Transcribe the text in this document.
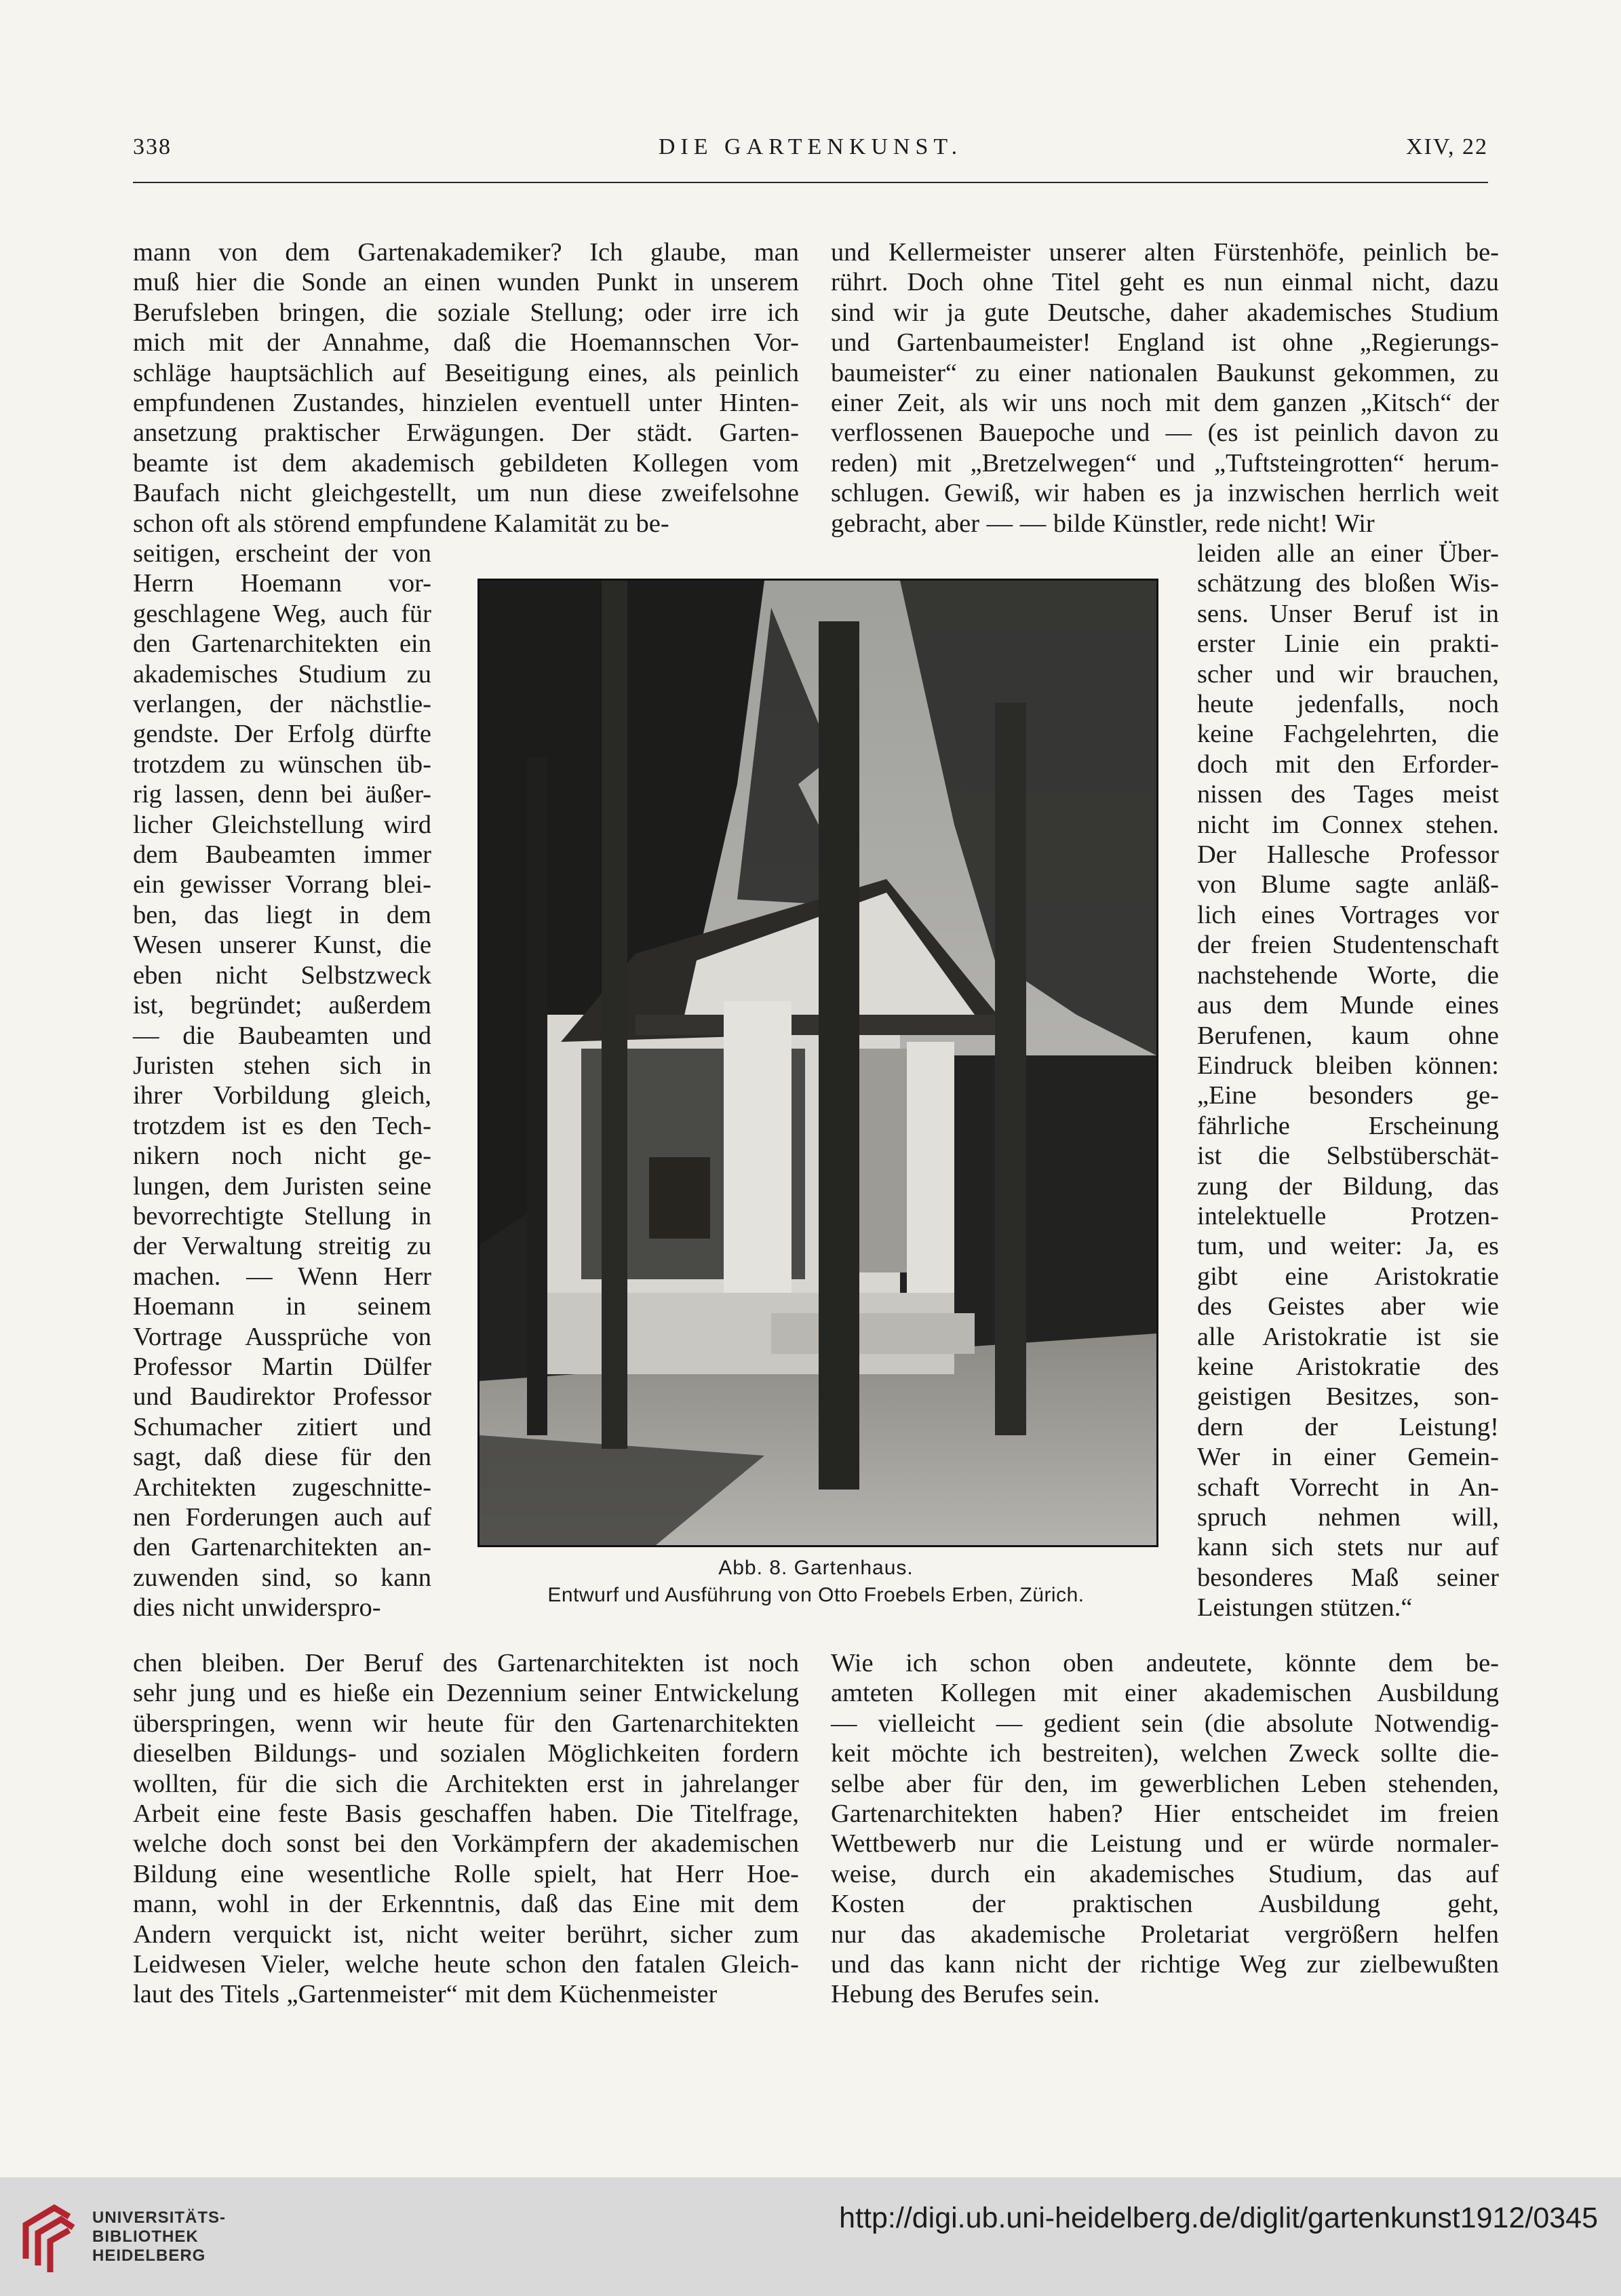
338	DIE GARTENKUNST.	XIV, 22
mann von dem Gartenakademiker? Ich glaube, man
muß hier die Sonde an einen wunden Punkt in unserem
Berufsleben bringen, die soziale Stellung; oder irre ich
mich mit der Annahme, daß die Hoemannschen Vor-
schläge hauptsächlich auf Beseitigung eines, als peinlich
empfundenen Zustandes, hinzielen eventuell unter Hinten-
ansetzung praktischer Erwägungen. Der städt. Garten-
beamte ist dem akademisch gebildeten Kollegen vom
Baufach nicht gleichgestellt, um nun diese zweifelsohne
schon oft als störend empfundene Kalamität zu be-
seitigen, erscheint der von
Herrn Hoemann vor-
geschlagene Weg, auch für
den Gartenarchitekten ein
akademisches Studium zu
verlangen, der nächstlie-
gendste. Der Erfolg dürfte
trotzdem zu wünschen üb-
rig lassen, denn bei äußer-
licher Gleichstellung wird
dem Baubeamten immer
ein gewisser Vorrang blei-
ben, das liegt in dem
Wesen unserer Kunst, die
eben nicht Selbstzweck
ist, begründet; außerdem
— die Baubeamten und
Juristen stehen sich in
ihrer Vorbildung gleich,
trotzdem ist es den Tech-
nikern noch nicht ge-
lungen, dem Juristen seine
bevorrechtigte Stellung in
der Verwaltung streitig zu
machen. — Wenn Herr
Hoemann in seinem
Vortrage Aussprüche von
Professor Martin Dülfer
und Baudirektor Professor
Schumacher zitiert und
sagt, daß diese für den
Architekten zugeschnitte-
nen Forderungen auch auf
den Gartenarchitekten an-
zuwenden sind, so kann
dies nicht unwiderspro-
chen bleiben. Der Beruf des Gartenarchitekten ist noch
sehr jung und es hieße ein Dezennium seiner Entwickelung
überspringen, wenn wir heute für den Gartenarchitekten
dieselben Bildungs- und sozialen Möglichkeiten fordern
wollten, für die sich die Architekten erst in jahrelanger
Arbeit eine feste Basis geschaffen haben. Die Titelfrage,
welche doch sonst bei den Vorkämpfern der akademischen
Bildung eine wesentliche Rolle spielt, hat Herr Hoe-
mann, wohl in der Erkenntnis, daß das Eine mit dem
Andern verquickt ist, nicht weiter berührt, sicher zum
Leidwesen Vieler, welche heute schon den fatalen Gleich-
laut des Titels „Gartenmeister“ mit dem Küchenmeister
und Kellermeister unserer alten Fürstenhöfe, peinlich be-
rührt. Doch ohne Titel geht es nun einmal nicht, dazu
sind wir ja gute Deutsche, daher akademisches Studium
und Gartenbaumeister! England ist ohne „Regierungs-
baumeister“ zu einer nationalen Baukunst gekommen, zu
einer Zeit, als wir uns noch mit dem ganzen „Kitsch“ der
verflossenen Bauepoche und — (es ist peinlich davon zu
reden) mit „Bretzelwegen“ und „Tuftsteingrotten“ herum-
schlugen. Gewiß, wir haben es ja inzwischen herrlich weit
gebracht, aber — — bilde Künstler, rede nicht! Wir
leiden alle an einer Über-
schätzung des bloßen Wis-
sens. Unser Beruf ist in
erster Linie ein prakti-
scher und wir brauchen,
heute jedenfalls, noch
keine Fachgelehrten, die
doch mit den Erforder-
nissen des Tages meist
nicht im Connex stehen.
Der Hallesche Professor
von Blume sagte anläß-
lich eines Vortrages vor
der freien Studentenschaft
nachstehende Worte, die
aus dem Munde eines
Berufenen, kaum ohne
Eindruck bleiben können:
„Eine besonders ge-
fährliche Erscheinung
ist die Selbstüberschät-
zung der Bildung, das
intelektuelle Protzen-
tum, und weiter: Ja, es
gibt eine Aristokratie
des Geistes aber wie
alle Aristokratie ist sie
keine Aristokratie des
geistigen Besitzes, son-
dern der Leistung!
Wer in einer Gemein-
schaft Vorrecht in An-
spruch nehmen will,
kann sich stets nur auf
besonderes Maß seiner
Leistungen stützen.“
Wie ich schon oben andeutete, könnte dem be-
amteten Kollegen mit einer akademischen Ausbildung
— vielleicht — gedient sein (die absolute Notwendig-
keit möchte ich bestreiten), welchen Zweck sollte die-
selbe aber für den, im gewerblichen Leben stehenden,
Gartenarchitekten haben? Hier entscheidet im freien
Wettbewerb nur die Leistung und er würde normaler-
weise, durch ein akademisches Studium, das auf
Kosten der praktischen Ausbildung geht,
nur das akademische Proletariat vergrößern helfen
und das kann nicht der richtige Weg zur zielbewußten
Hebung des Berufes sein.
Abb. 8. Gartenhaus.
Entwurf und Ausführung von Otto Froebels Erben, Zürich.
UNIVERSITÄTS-
BIBLIOTHEK
HEIDELBERG
http://digi.ub.uni-heidelberg.de/diglit/gartenkunst1912/0345
